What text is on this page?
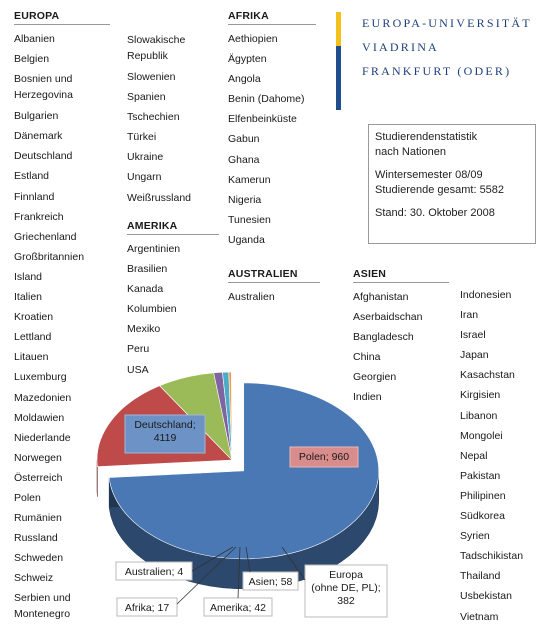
EUROPA
Albanien
Belgien
Bosnien und Herzegovina
Bulgarien
Dänemark
Deutschland
Estland
Finnland
Frankreich
Griechenland
Großbritannien
Island
Italien
Kroatien
Lettland
Litauen
Luxemburg
Mazedonien
Moldawien
Niederlande
Norwegen
Österreich
Polen
Rumänien
Russland
Schweden
Schweiz
Serbien und Montenegro
Slowakische Republik
Slowenien
Spanien
Tschechien
Türkei
Ukraine
Ungarn
Weißrussland
AMERIKA
Argentinien
Brasilien
Kanada
Kolumbien
Mexiko
Peru
USA
AFRIKA
Aethiopien
Ägypten
Angola
Benin (Dahome)
Elfenbeinküste
Gabun
Ghana
Kamerun
Nigeria
Tunesien
Uganda
AUSTRALIEN
Australien
ASIEN
Afghanistan
Aserbaidschan
Bangladesch
China
Georgien
Indien
Indonesien
Iran
Israel
Japan
Kasachstan
Kirgisien
Libanon
Mongolei
Nepal
Pakistan
Philipinen
Südkorea
Syrien
Tadschikistan
Thailand
Usbekistan
Vietnam
EUROPA-UNIVERSITÄT
VIADRINA
FRANKFURT (ODER)
Studierendenstatistik
nach Nationen
Wintersemester 08/09
Studierende gesamt: 5582
Stand: 30. Oktober 2008
Deutschland;
4119
Polen; 960
Europa
(ohne DE, PL);
382
Asien; 58
Amerika; 42
Afrika; 17
Australien; 4
